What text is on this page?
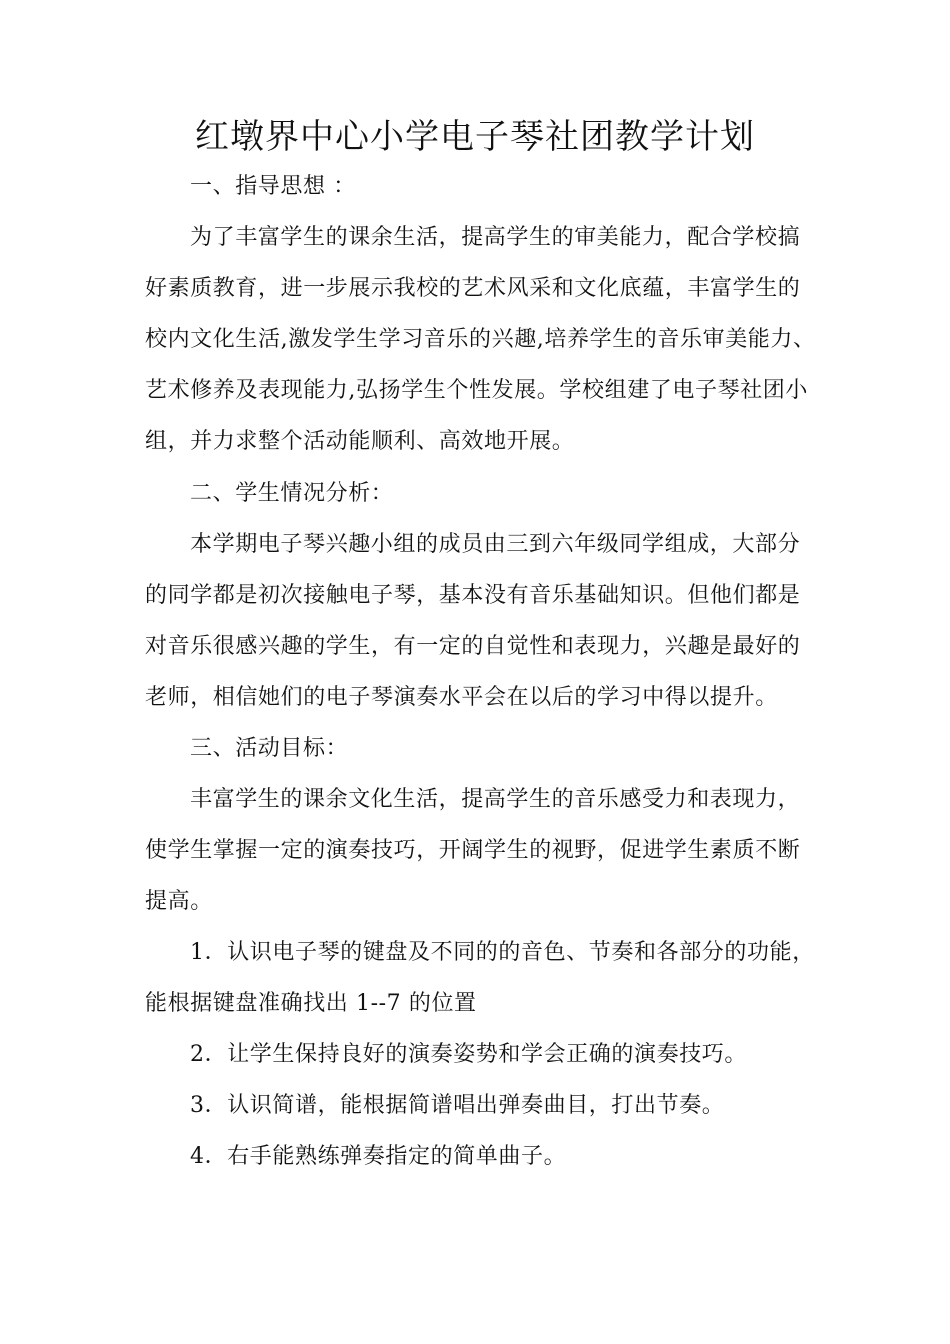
红墩界中心小学电子琴社团教学计划
一、指导思想 ：
为了丰富学生的课余生活，提高学生的审美能力，配合学校搞
好素质教育，进一步展示我校的艺术风采和文化底蕴，丰富学生的
校内文化生活,激发学生学习音乐的兴趣,培养学生的音乐审美能力、
艺术修养及表现能力,弘扬学生个性发展。学校组建了电子琴社团小
组，并力求整个活动能顺利、高效地开展。
二、学生情况分析：
本学期电子琴兴趣小组的成员由三到六年级同学组成，大部分
的同学都是初次接触电子琴，基本没有音乐基础知识。但他们都是
对音乐很感兴趣的学生，有一定的自觉性和表现力，兴趣是最好的
老师，相信她们的电子琴演奏水平会在以后的学习中得以提升。
三、活动目标：
丰富学生的课余文化生活，提高学生的音乐感受力和表现力，
使学生掌握一定的演奏技巧，开阔学生的视野，促进学生素质不断
提高。
1．认识电子琴的键盘及不同的的音色、节奏和各部分的功能，
能根据键盘准确找出 1--7 的位置
2．让学生保持良好的演奏姿势和学会正确的演奏技巧。
3．认识简谱，能根据简谱唱出弹奏曲目，打出节奏。
4．右手能熟练弹奏指定的简单曲子。
